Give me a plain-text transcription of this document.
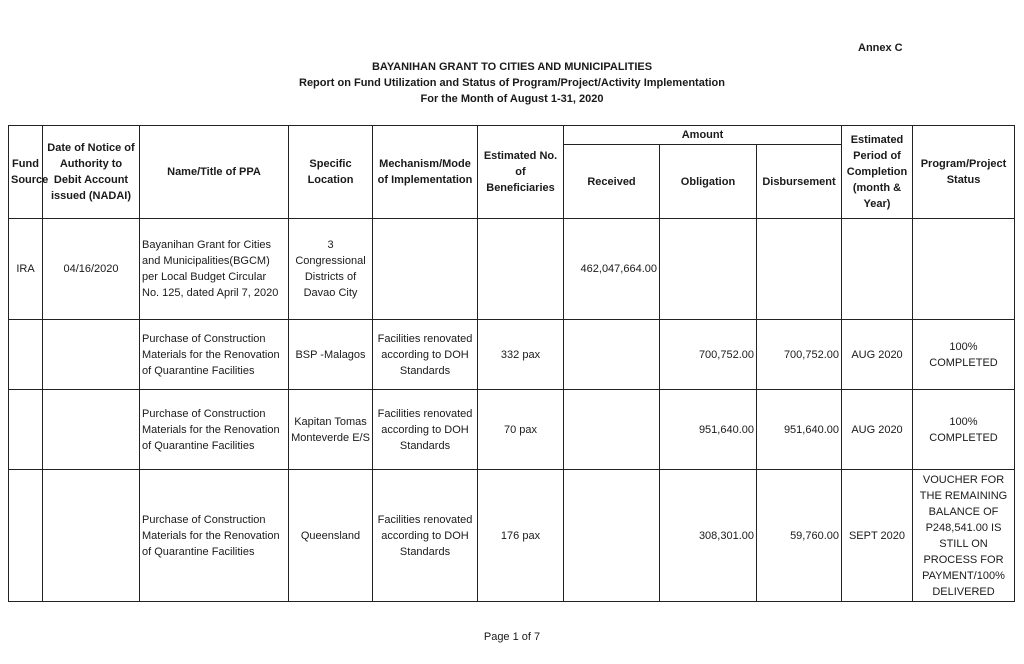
Annex C
BAYANIHAN GRANT TO CITIES AND MUNICIPALITIES
Report on Fund Utilization and Status of Program/Project/Activity Implementation
For the Month of August 1-31, 2020
Fund Source	Date of Notice of Authority to Debit Account issued (NADAI)	Name/Title of PPA	Specific Location	Mechanism/Mode of Implementation	Estimated No. of Beneficiaries	Amount			Estimated Period of Completion (month & Year)	Program/Project Status
						Received	Obligation	Disbursement		
IRA	04/16/2020	Bayanihan Grant for Cities and Municipalities(BGCM) per Local Budget Circular No. 125, dated April 7, 2020	3 Congressional Districts of Davao City			462,047,664.00				
		Purchase of Construction Materials for the Renovation of Quarantine Facilities	BSP -Malagos	Facilities renovated according to DOH Standards	332 pax		700,752.00	700,752.00	AUG 2020	100% COMPLETED
		Purchase of Construction Materials for the Renovation of Quarantine Facilities	Kapitan Tomas Monteverde E/S	Facilities renovated according to DOH Standards	70 pax		951,640.00	951,640.00	AUG 2020	100% COMPLETED
		Purchase of Construction Materials for the Renovation of Quarantine Facilities	Queensland	Facilities renovated according to DOH Standards	176 pax		308,301.00	59,760.00	SEPT 2020	VOUCHER FOR THE REMAINING BALANCE OF P248,541.00 IS STILL ON PROCESS FOR PAYMENT/100% DELIVERED
Page 1 of 7
